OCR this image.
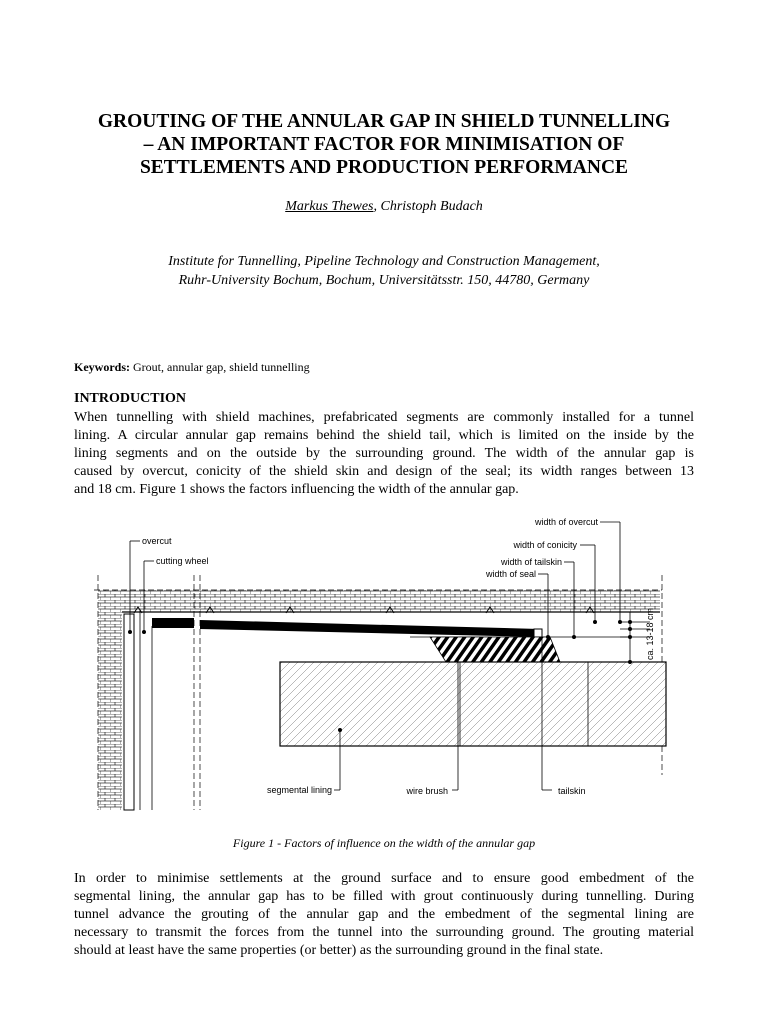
GROUTING OF THE ANNULAR GAP IN SHIELD TUNNELLING
– AN IMPORTANT FACTOR FOR MINIMISATION OF
SETTLEMENTS AND PRODUCTION PERFORMANCE
Markus Thewes, Christoph Budach
Institute for Tunnelling, Pipeline Technology and Construction Management,
Ruhr-University Bochum, Bochum, Universitätsstr. 150, 44780, Germany
Keywords: Grout, annular gap, shield tunnelling
INTRODUCTION
When tunnelling with shield machines, prefabricated segments are commonly installed for a tunnel
lining. A circular annular gap remains behind the shield tail, which is limited on the inside by the
lining segments and on the outside by the surrounding ground. The width of the annular gap is
caused by overcut, conicity of the shield skin and design of the seal; its width ranges between 13
and 18 cm. Figure 1 shows the factors influencing the width of the annular gap.
ca. 13-18 cm
overcut
cutting wheel
width of overcut
width of conicity
width of tailskin
width of seal
segmental lining	wire brush	tailskin
Figure 1 - Factors of influence on the width of the annular gap
In order to minimise settlements at the ground surface and to ensure good embedment of the
segmental lining, the annular gap has to be filled with grout continuously during tunnelling. During
tunnel advance the grouting of the annular gap and the embedment of the segmental lining are
necessary to transmit the forces from the tunnel into the surrounding ground. The grouting material
should at least have the same properties (or better) as the surrounding ground in the final state.
